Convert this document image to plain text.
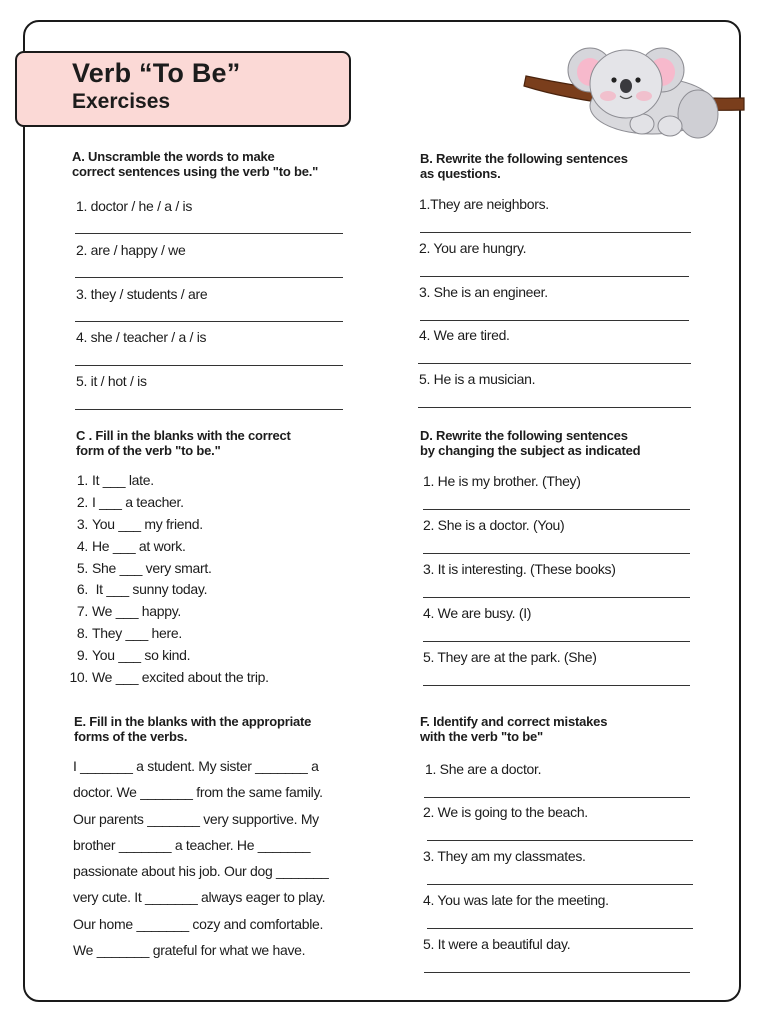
Verb “To Be”
Exercises
A. Unscramble the words to make
correct sentences using the verb "to be."
1. doctor / he / a / is
2. are / happy / we
3. they / students / are
4. she / teacher / a / is
5. it / hot / is
B. Rewrite the following sentences
as questions.
1.They are neighbors.
2. You are hungry.
3. She is an engineer.
4. We are tired.
5. He is a musician.
C . Fill in the blanks with the correct
form of the verb "to be."
1. It ___ late.
2. I ___ a teacher.
3. You ___ my friend.
4. He ___ at work.
5. She ___ very smart.
6. It ___ sunny today.
7. We ___ happy.
8. They ___ here.
9. You ___ so kind.
10. We ___ excited about the trip.
D. Rewrite the following sentences
by changing the subject as indicated
1. He is my brother. (They)
2. She is a doctor. (You)
3. It is interesting. (These books)
4. We are busy. (I)
5. They are at the park. (She)
E. Fill in the blanks with the appropriate
forms of the verbs.
I _______ a student. My sister _______ a
doctor. We _______ from the same family.
Our parents _______ very supportive. My
brother _______ a teacher. He _______
passionate about his job. Our dog _______
very cute. It _______ always eager to play.
Our home _______ cozy and comfortable.
We _______ grateful for what we have.
F. Identify and correct mistakes
with the verb "to be"
1. She are a doctor.
2. We is going to the beach.
3. They am my classmates.
4. You was late for the meeting.
5. It were a beautiful day.
